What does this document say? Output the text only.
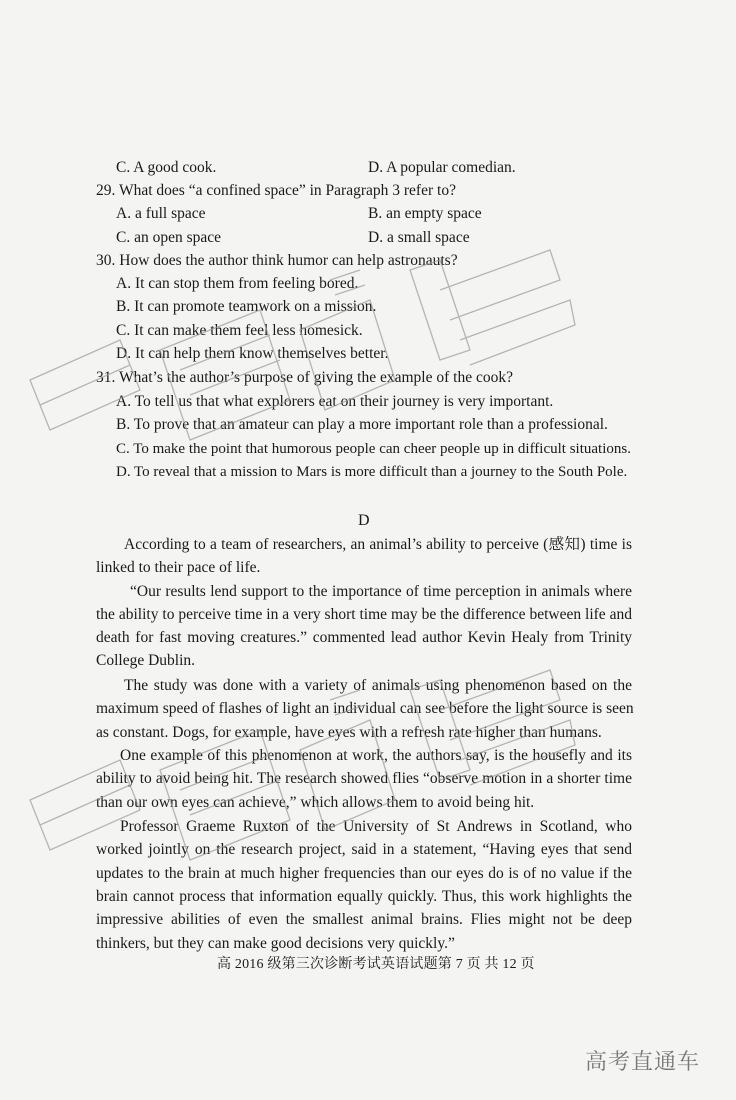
C. A good cook.	D. A popular comedian.
29. What does “a confined space” in Paragraph 3 refer to?
A. a full space	B. an empty space
C. an open space	D. a small space
30. How does the author think humor can help astronauts?
A. It can stop them from feeling bored.
B. It can promote teamwork on a mission.
C. It can make them feel less homesick.
D. It can help them know themselves better.
31. What’s the author’s purpose of giving the example of the cook?
A. To tell us that what explorers eat on their journey is very important.
B. To prove that an amateur can play a more important role than a professional.
C. To make the point that humorous people can cheer people up in difficult situations.
D. To reveal that a mission to Mars is more difficult than a journey to the South Pole.
D
According to a team of researchers, an animal’s ability to perceive (感知) time is
linked to their pace of life.
“Our results lend support to the importance of time perception in animals where
the ability to perceive time in a very short time may be the difference between life and
death for fast moving creatures.” commented lead author Kevin Healy from Trinity
College Dublin.
The study was done with a variety of animals using phenomenon based on the
maximum speed of flashes of light an individual can see before the light source is seen
as constant. Dogs, for example, have eyes with a refresh rate higher than humans.
One example of this phenomenon at work, the authors say, is the housefly and its
ability to avoid being hit. The research showed flies “observe motion in a shorter time
than our own eyes can achieve,” which allows them to avoid being hit.
Professor Graeme Ruxton of the University of St Andrews in Scotland, who
worked jointly on the research project, said in a statement, “Having eyes that send
updates to the brain at much higher frequencies than our eyes do is of no value if the
brain cannot process that information equally quickly. Thus, this work highlights the
impressive abilities of even the smallest animal brains. Flies might not be deep
thinkers, but they can make good decisions very quickly.”
高 2016 级第三次诊断考试英语试题第 7 页 共 12 页
高考直通车
